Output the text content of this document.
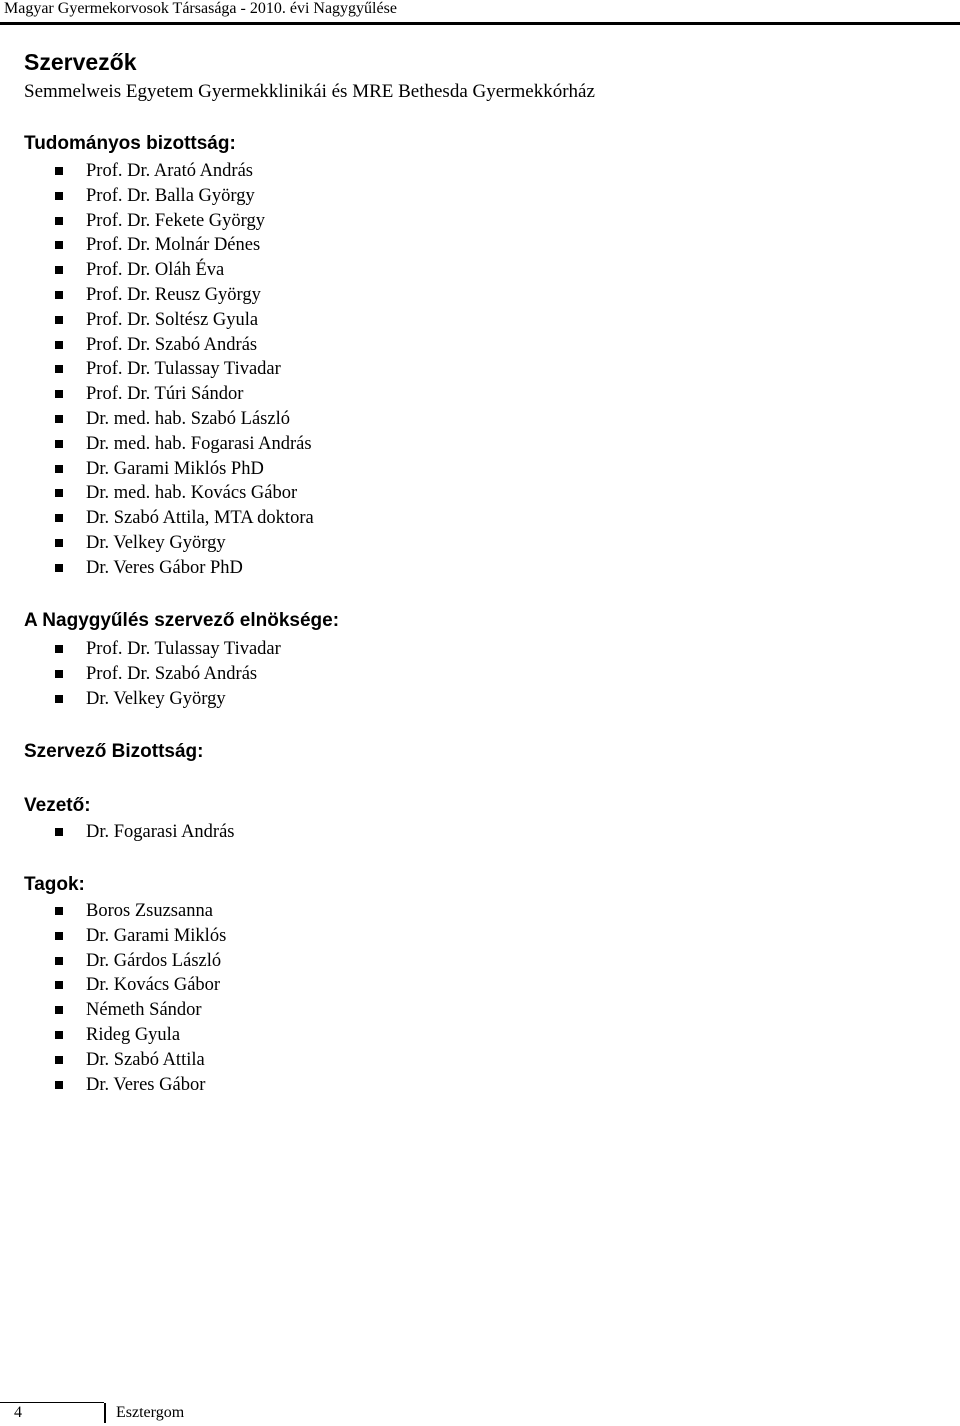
Magyar Gyermekorvosok Társasága - 2010. évi Nagygyűlése
Szervezők
Semmelweis Egyetem Gyermekklinikái és MRE Bethesda Gyermekkórház
Tudományos bizottság:
Prof. Dr. Arató András
Prof. Dr. Balla György
Prof. Dr. Fekete György
Prof. Dr. Molnár Dénes
Prof. Dr. Oláh Éva
Prof. Dr. Reusz György
Prof. Dr. Soltész Gyula
Prof. Dr. Szabó András
Prof. Dr. Tulassay Tivadar
Prof. Dr. Túri Sándor
Dr. med. hab. Szabó László
Dr. med. hab. Fogarasi András
Dr. Garami Miklós PhD
Dr. med. hab. Kovács Gábor
Dr. Szabó Attila, MTA doktora
Dr. Velkey György
Dr. Veres Gábor PhD
A Nagygyűlés szervező elnöksége:
Prof. Dr. Tulassay Tivadar
Prof. Dr. Szabó András
Dr. Velkey György
Szervező Bizottság:
Vezető:
Dr. Fogarasi András
Tagok:
Boros Zsuzsanna
Dr. Garami Miklós
Dr. Gárdos László
Dr. Kovács Gábor
Németh Sándor
Rideg Gyula
Dr. Szabó Attila
Dr. Veres Gábor
4	Esztergom
